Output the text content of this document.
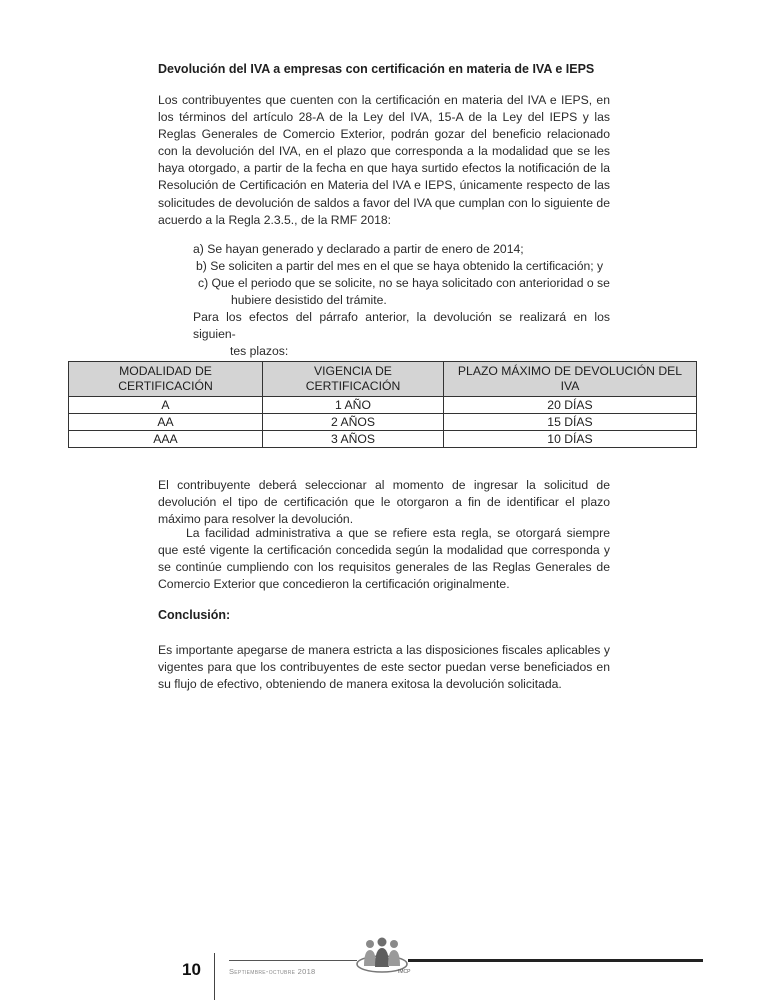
Devolución del IVA a empresas con certificación en materia de IVA e IEPS

Los contribuyentes que cuenten con la certificación en materia del IVA e IEPS, en los términos del artículo 28-A de la Ley del IVA, 15-A de la Ley del IEPS y las Reglas Generales de Comercio Exterior, podrán gozar del beneficio relacionado con la devolución del IVA, en el plazo que corresponda a la modalidad que se les haya otorgado, a partir de la fecha en que haya surtido efectos la notificación de la Resolución de Certificación en Materia del IVA e IEPS, únicamente respecto de las solicitudes de devolución de saldos a favor del IVA que cumplan con lo siguiente de acuerdo a la Regla 2.3.5., de la RMF 2018:

a) Se hayan generado y declarado a partir de enero de 2014;
b) Se soliciten a partir del mes en el que se haya obtenido la certificación; y
c) Que el periodo que se solicite, no se haya solicitado con anterioridad o se
hubiere desistido del trámite.

Para los efectos del párrafo anterior, la devolución se realizará en los siguien-
tes plazos:

MODALIDAD DE CERTIFICACIÓN	VIGENCIA DE CERTIFICACIÓN	PLAZO MÁXIMO DE DEVOLUCIÓN DEL IVA
A	1 AÑO	20 DÍAS
AA	2 AÑOS	15 DÍAS
AAA	3 AÑOS	10 DÍAS

El contribuyente deberá seleccionar al momento de ingresar la solicitud de devolución el tipo de certificación que le otorgaron a fin de identificar el plazo máximo para resolver la devolución.

La facilidad administrativa a que se refiere esta regla, se otorgará siempre que esté vigente la certificación concedida según la modalidad que corresponda y se continúe cumpliendo con los requisitos generales de las Reglas Generales de Comercio Exterior que concedieron la certificación originalmente.

Conclusión:

Es importante apegarse de manera estricta a las disposiciones fiscales aplicables y vigentes para que los contribuyentes de este sector puedan verse beneficiados en su flujo de efectivo, obteniendo de manera exitosa la devolución solicitada.

10	Septiembre-octubre 2018	IMCP
